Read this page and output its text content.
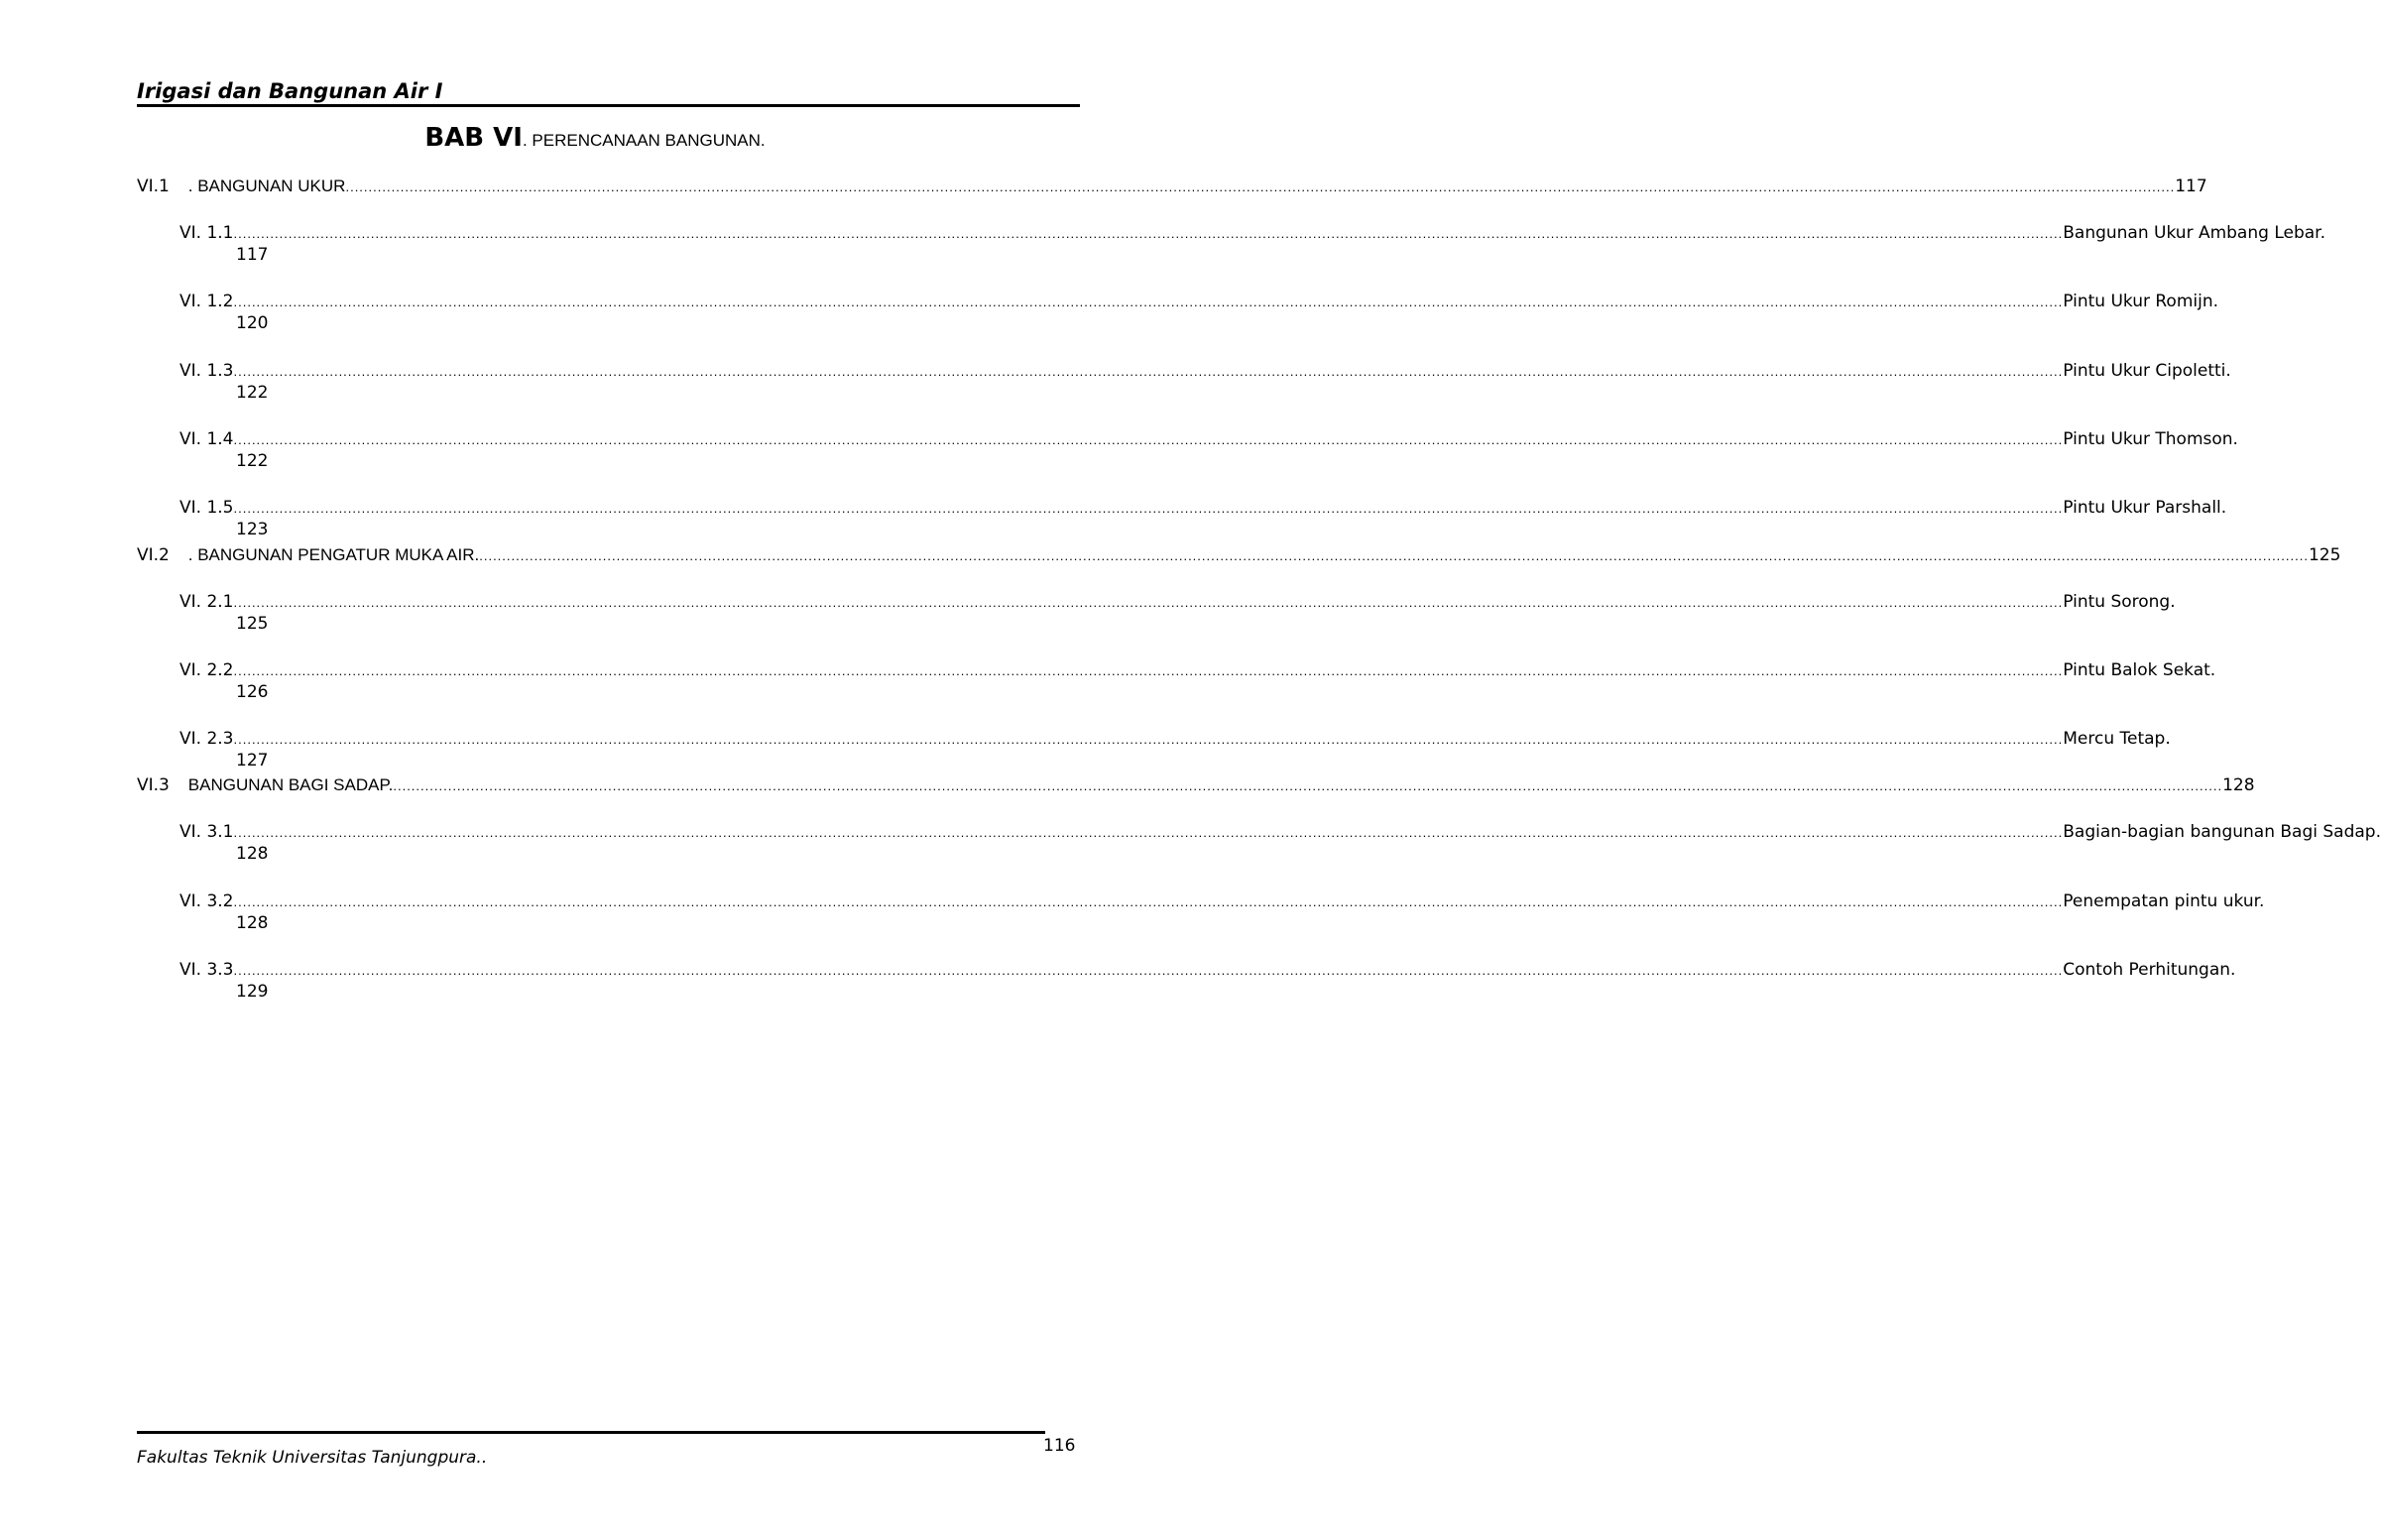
Irigasi dan Bangunan Air I
BAB VI. PERENCANAAN BANGUNAN.
VI.1 . BANGUNAN UKUR ................................................................................................................................................................................................................................................................................................................................................................................................................ 117
VI. 1.1 ................................................................................................................................................................................................................................................................................................................................................................................................................ Bangunan Ukur Ambang Lebar.
117
VI. 1.2 ................................................................................................................................................................................................................................................................................................................................................................................................................ Pintu Ukur Romijn.
120
VI. 1.3 ................................................................................................................................................................................................................................................................................................................................................................................................................ Pintu Ukur Cipoletti.
122
VI. 1.4 ................................................................................................................................................................................................................................................................................................................................................................................................................ Pintu Ukur Thomson.
122
VI. 1.5 ................................................................................................................................................................................................................................................................................................................................................................................................................ Pintu Ukur Parshall.
123
VI.2 . BANGUNAN PENGATUR MUKA AIR. ................................................................................................................................................................................................................................................................................................................................................................................................................ 125
VI. 2.1 ................................................................................................................................................................................................................................................................................................................................................................................................................ Pintu Sorong.
125
VI. 2.2 ................................................................................................................................................................................................................................................................................................................................................................................................................ Pintu Balok Sekat.
126
VI. 2.3 ................................................................................................................................................................................................................................................................................................................................................................................................................ Mercu Tetap.
127
VI.3 BANGUNAN BAGI SADAP. ................................................................................................................................................................................................................................................................................................................................................................................................................ 128
VI. 3.1 ................................................................................................................................................................................................................................................................................................................................................................................................................ Bagian-bagian bangunan Bagi Sadap.
128
VI. 3.2 ................................................................................................................................................................................................................................................................................................................................................................................................................ Penempatan pintu ukur.
128
VI. 3.3 ................................................................................................................................................................................................................................................................................................................................................................................................................ Contoh Perhitungan.
129
Fakultas Teknik Universitas Tanjungpura..
116
